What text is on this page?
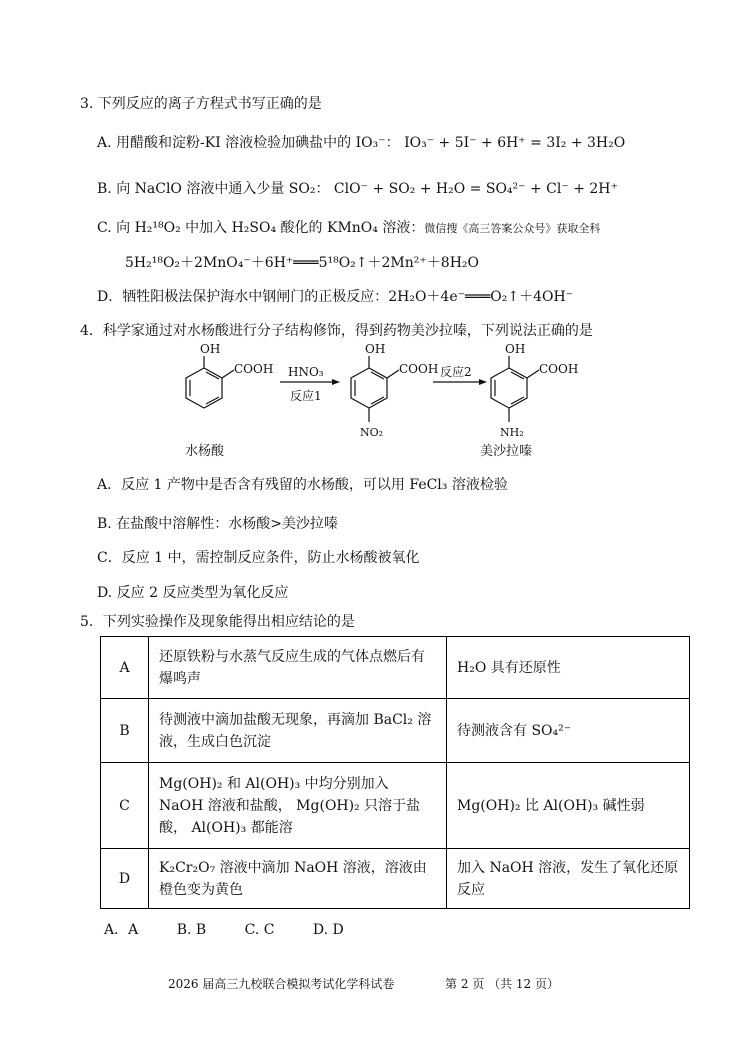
3. 下列反应的离子方程式书写正确的是
A. 用醋酸和淀粉-KI 溶液检验加碘盐中的 IO₃⁻： IO₃⁻ + 5I⁻ + 6H⁺ = 3I₂ + 3H₂O
B. 向 NaClO 溶液中通入少量 SO₂： ClO⁻ + SO₂ + H₂O = SO₄²⁻ + Cl⁻ + 2H⁺
C. 向 H₂¹⁸O₂ 中加入 H₂SO₄ 酸化的 KMnO₄ 溶液：微信搜《高三答案公众号》获取全科
5H₂¹⁸O₂＋2MnO₄⁻＋6H⁺═══5¹⁸O₂↑＋2Mn²⁺＋8H₂O
D．牺牲阳极法保护海水中钢闸门的正极反应：2H₂O＋4e⁻═══O₂↑＋4OH⁻
4．科学家通过对水杨酸进行分子结构修饰，得到药物美沙拉嗪，下列说法正确的是
OH
COOH HNO₃
反应1
OH
COOH
NO₂
反应2
OH
COOH
NH₂
水杨酸	美沙拉嗪
A．反应 1 产物中是否含有残留的水杨酸，可以用 FeCl₃ 溶液检验
B. 在盐酸中溶解性：水杨酸>美沙拉嗪
C．反应 1 中，需控制反应条件，防止水杨酸被氧化
D. 反应 2 反应类型为氧化反应
5．下列实验操作及现象能得出相应结论的是
A	还原铁粉与水蒸气反应生成的气体点燃后有爆鸣声	H₂O 具有还原性
B	待测液中滴加盐酸无现象，再滴加 BaCl₂ 溶液，生成白色沉淀	待测液含有 SO₄²⁻
C	Mg(OH)₂ 和 Al(OH)₃ 中均分别加入 NaOH 溶液和盐酸， Mg(OH)₂ 只溶于盐酸， Al(OH)₃ 都能溶	Mg(OH)₂ 比 Al(OH)₃ 碱性弱
D	K₂Cr₂O₇ 溶液中滴加 NaOH 溶液，溶液由橙色变为黄色	加入 NaOH 溶液，发生了氧化还原反应
A．A	B. B	C. C	D. D
2026 届高三九校联合模拟考试化学科试卷	第 2 页 （共 12 页）
